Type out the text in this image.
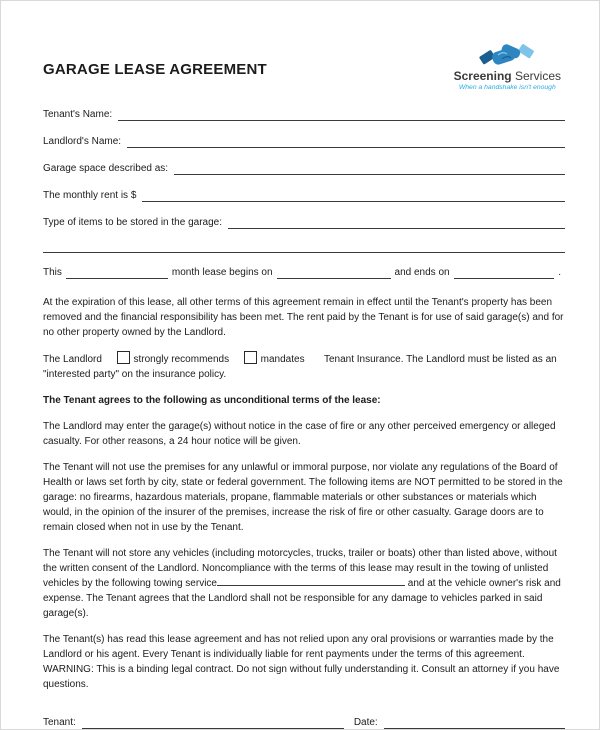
GARAGE LEASE AGREEMENT	Screening Services
When a handshake isn't enough
Tenant's Name:
Landlord's Name:
Garage space described as:
The monthly rent is $
Type of items to be stored in the garage:
This	month lease begins on	and ends on	.

At the expiration of this lease, all other terms of this agreement remain in effect until the Tenant's property has been removed and the financial responsibility has been met. The rent paid by the Tenant is for use of said garage(s) and for no other property owned by the Landlord.

The Landlord	strongly recommends	mandates Tenant Insurance. The Landlord must be listed as an "interested party" on the insurance policy.

The Tenant agrees to the following as unconditional terms of the lease:

The Landlord may enter the garage(s) without notice in the case of fire or any other perceived emergency or alleged casualty. For other reasons, a 24 hour notice will be given.

The Tenant will not use the premises for any unlawful or immoral purpose, nor violate any regulations of the Board of Health or laws set forth by city, state or federal government. The following items are NOT permitted to be stored in the garage: no firearms, hazardous materials, propane, flammable materials or other substances or materials which would, in the opinion of the insurer of the premises, increase the risk of fire or other casualty. Garage doors are to remain closed when not in use by the Tenant.

The Tenant will not store any vehicles (including motorcycles, trucks, trailer or boats) other than listed above, without the written consent of the Landlord. Noncompliance with the terms of this lease may result in the towing of unlisted vehicles by the following towing service	and at the vehicle owner's risk and expense. The Tenant agrees that the Landlord shall not be responsible for any damage to vehicles parked in said garage(s).

The Tenant(s) has read this lease agreement and has not relied upon any oral provisions or warranties made by the Landlord or his agent. Every Tenant is individually liable for rent payments under the terms of this agreement. WARNING: This is a binding legal contract. Do not sign without fully understanding it. Consult an attorney if you have questions.

Tenant:	Date:
